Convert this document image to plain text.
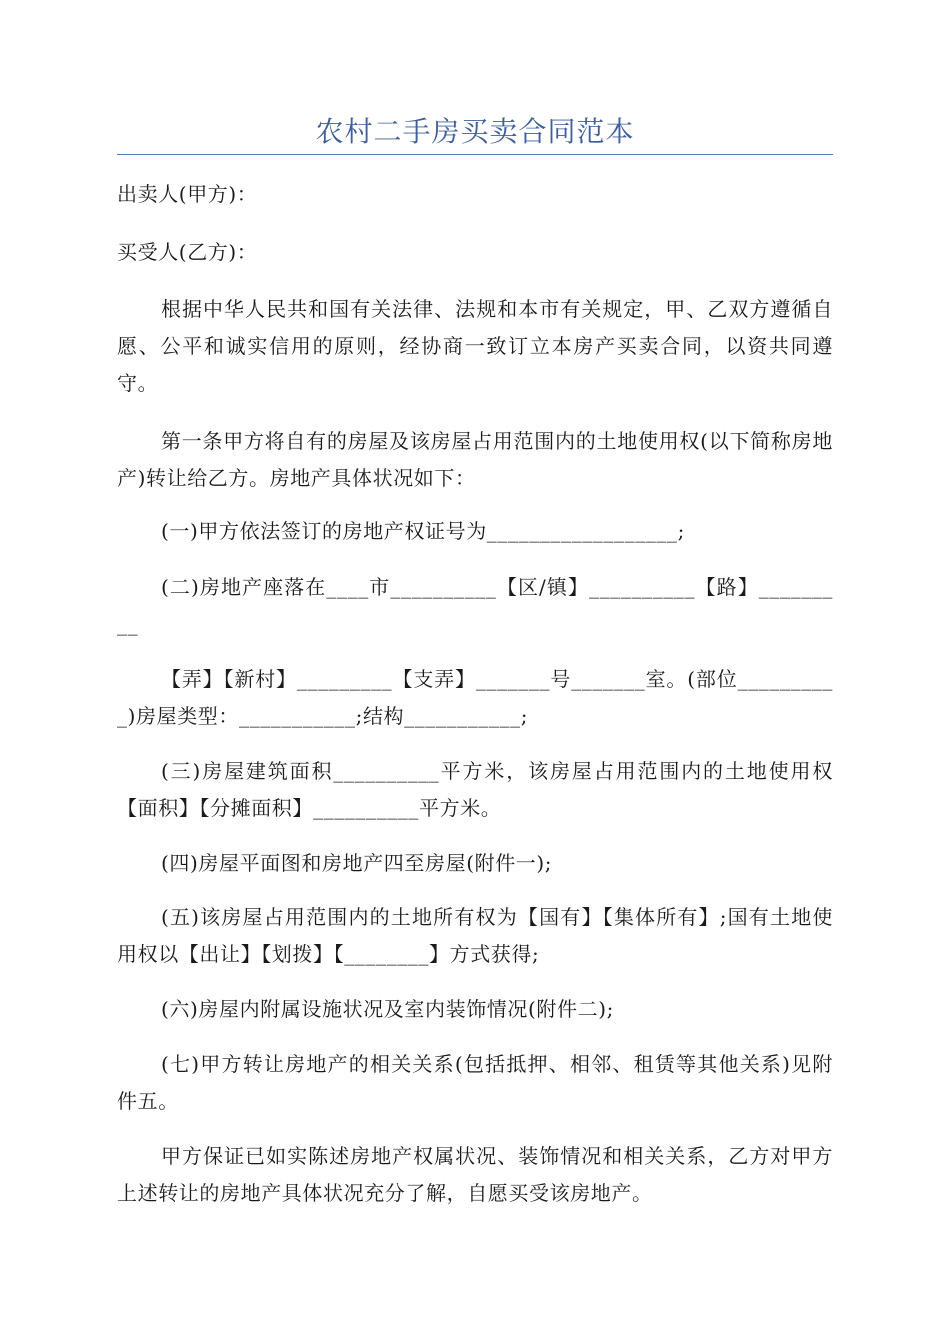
农村二手房买卖合同范本

出卖人(甲方)：

买受人(乙方)：

根据中华人民共和国有关法律、法规和本市有关规定，甲、乙双方遵循自愿、公平和诚实信用的原则，经协商一致订立本房产买卖合同，以资共同遵守。

第一条甲方将自有的房屋及该房屋占用范围内的土地使用权(以下简称房地产)转让给乙方。房地产具体状况如下：

(一)甲方依法签订的房地产权证号为__________________;

(二)房地产座落在____市__________【区/镇】__________【路】_________

【弄】【新村】_________【支弄】_______号_______室。(部位__________)房屋类型：___________;结构___________;

(三)房屋建筑面积__________平方米，该房屋占用范围内的土地使用权【面积】【分摊面积】__________平方米。

(四)房屋平面图和房地产四至房屋(附件一);

(五)该房屋占用范围内的土地所有权为【国有】【集体所有】;国有土地使用权以【出让】【划拨】【________】方式获得;

(六)房屋内附属设施状况及室内装饰情况(附件二);

(七)甲方转让房地产的相关关系(包括抵押、相邻、租赁等其他关系)见附件五。

甲方保证已如实陈述房地产权属状况、装饰情况和相关关系，乙方对甲方上述转让的房地产具体状况充分了解，自愿买受该房地产。
